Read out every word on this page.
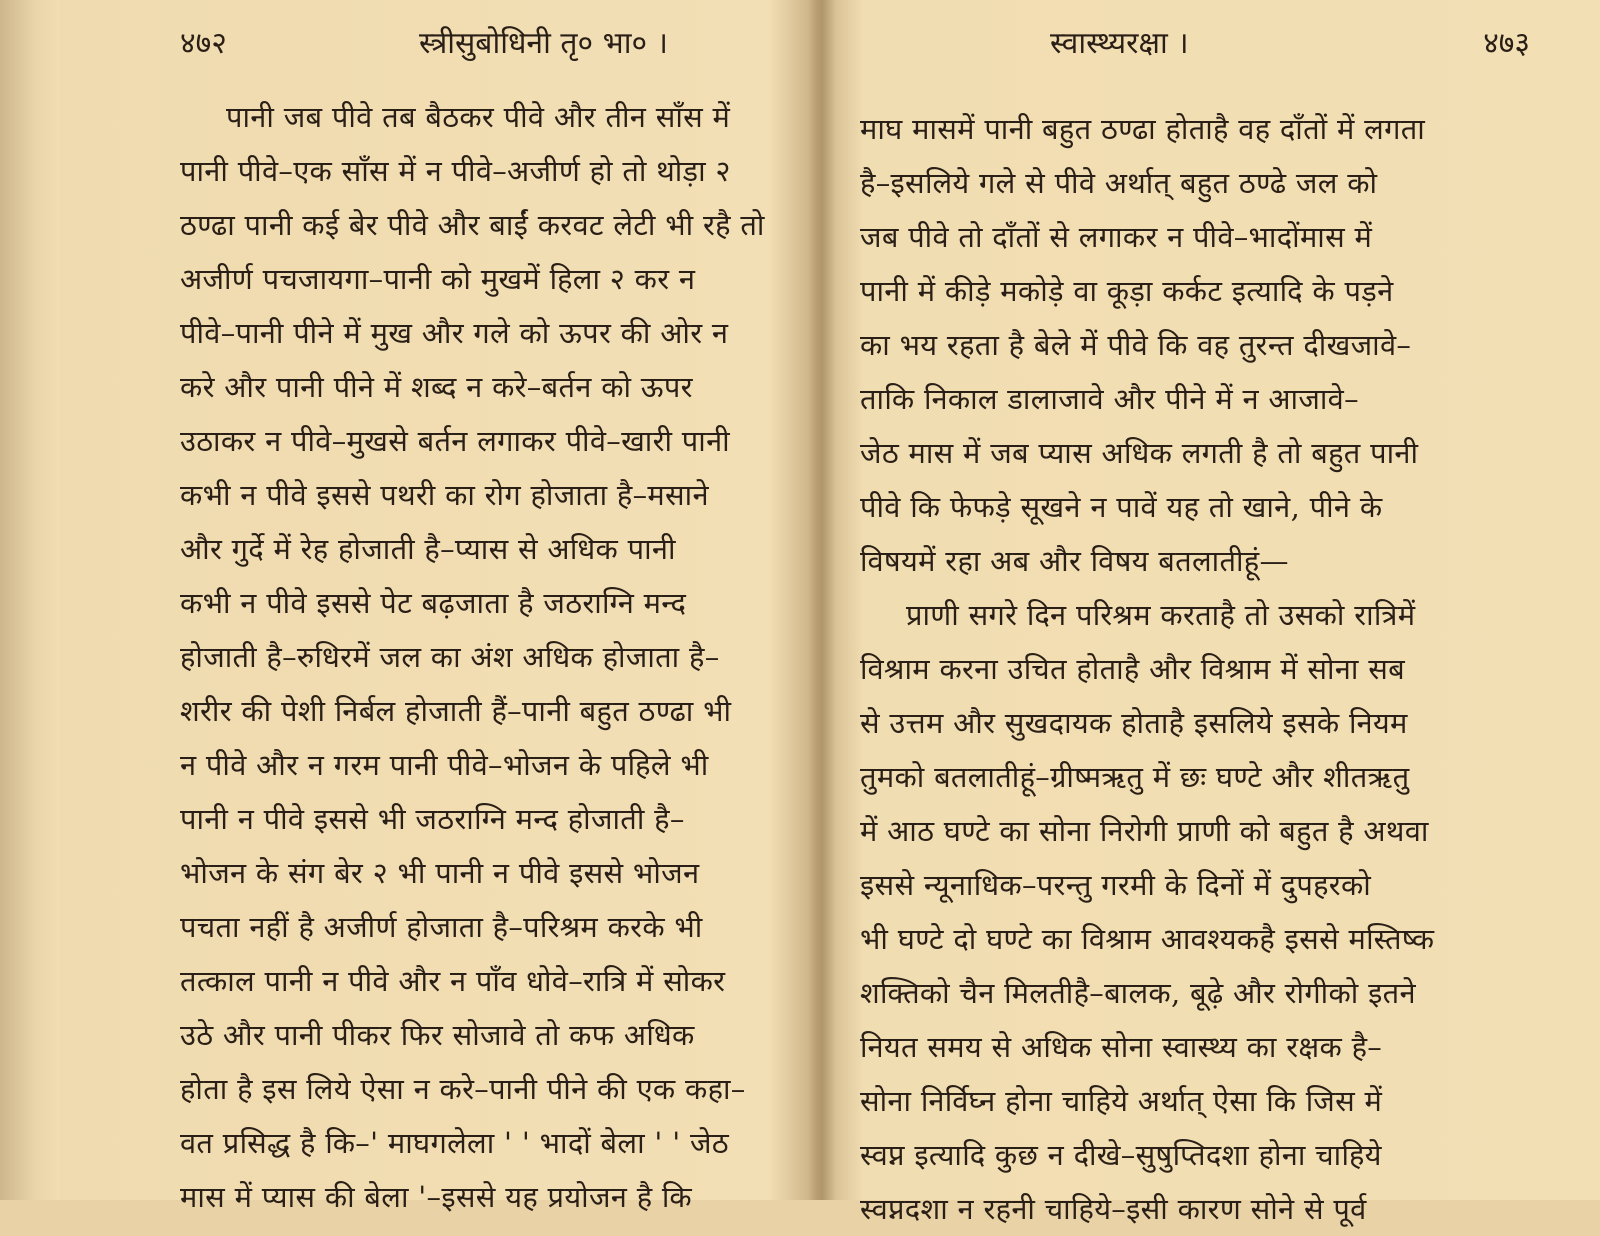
४७२	स्त्रीसुबोधिनी तृ० भा० ।
पानी जब पीवे तब बैठकर पीवे और तीन साँस में
पानी पीवे–एक साँस में न पीवे–अजीर्ण हो तो थोड़ा २
ठण्ढा पानी कई बेर पीवे और बाईं करवट लेटी भी रहै तो
अजीर्ण पचजायगा–पानी को मुखमें हिला २ कर न
पीवे–पानी पीने में मुख और गले को ऊपर की ओर न
करे और पानी पीने में शब्द न करे–बर्तन को ऊपर
उठाकर न पीवे–मुखसे बर्तन लगाकर पीवे–खारी पानी
कभी न पीवे इससे पथरी का रोग होजाता है–मसाने
और गुर्दे में रेह होजाती है–प्यास से अधिक पानी
कभी न पीवे इससे पेट बढ़जाता है जठराग्नि मन्द
होजाती है–रुधिरमें जल का अंश अधिक होजाता है–
शरीर की पेशी निर्बल होजाती हैं–पानी बहुत ठण्ढा भी
न पीवे और न गरम पानी पीवे–भोजन के पहिले भी
पानी न पीवे इससे भी जठराग्नि मन्द होजाती है–
भोजन के संग बेर २ भी पानी न पीवे इससे भोजन
पचता नहीं है अजीर्ण होजाता है–परिश्रम करके भी
तत्काल पानी न पीवे और न पाँव धोवे–रात्रि में सोकर
उठे और पानी पीकर फिर सोजावे तो कफ अधिक
होता है इस लिये ऐसा न करे–पानी पीने की एक कहा–
वत प्रसिद्ध है कि–' माघगलेला ' ' भादों बेला ' ' जेठ
मास में प्यास की बेला '–इससे यह प्रयोजन है कि
स्वास्थ्यरक्षा ।	४७३
माघ मासमें पानी बहुत ठण्ढा होताहै वह दाँतों में लगता
है–इसलिये गले से पीवे अर्थात् बहुत ठण्ढे जल को
जब पीवे तो दाँतों से लगाकर न पीवे–भादोंमास में
पानी में कीड़े मकोड़े वा कूड़ा कर्कट इत्यादि के पड़ने
का भय रहता है बेले में पीवे कि वह तुरन्त दीखजावे–
ताकि निकाल डालाजावे और पीने में न आजावे–
जेठ मास में जब प्यास अधिक लगती है तो बहुत पानी
पीवे कि फेफड़े सूखने न पावें यह तो खाने, पीने के
विषयमें रहा अब और विषय बतलातीहूं—
प्राणी सगरे दिन परिश्रम करताहै तो उसको रात्रिमें
विश्राम करना उचित होताहै और विश्राम में सोना सब
से उत्तम और सुखदायक होताहै इसलिये इसके नियम
तुमको बतलातीहूं–ग्रीष्मऋतु में छः घण्टे और शीतऋतु
में आठ घण्टे का सोना निरोगी प्राणी को बहुत है अथवा
इससे न्यूनाधिक–परन्तु गरमी के दिनों में दुपहरको
भी घण्टे दो घण्टे का विश्राम आवश्यकहै इससे मस्तिष्क
शक्तिको चैन मिलतीहै–बालक, बूढ़े और रोगीको इतने
नियत समय से अधिक सोना स्वास्थ्य का रक्षक है–
सोना निर्विघ्न होना चाहिये अर्थात् ऐसा कि जिस में
स्वप्न इत्यादि कुछ न दीखे–सुषुप्तिदशा होना चाहिये
स्वप्नदशा न रहनी चाहिये–इसी कारण सोने से पूर्व
